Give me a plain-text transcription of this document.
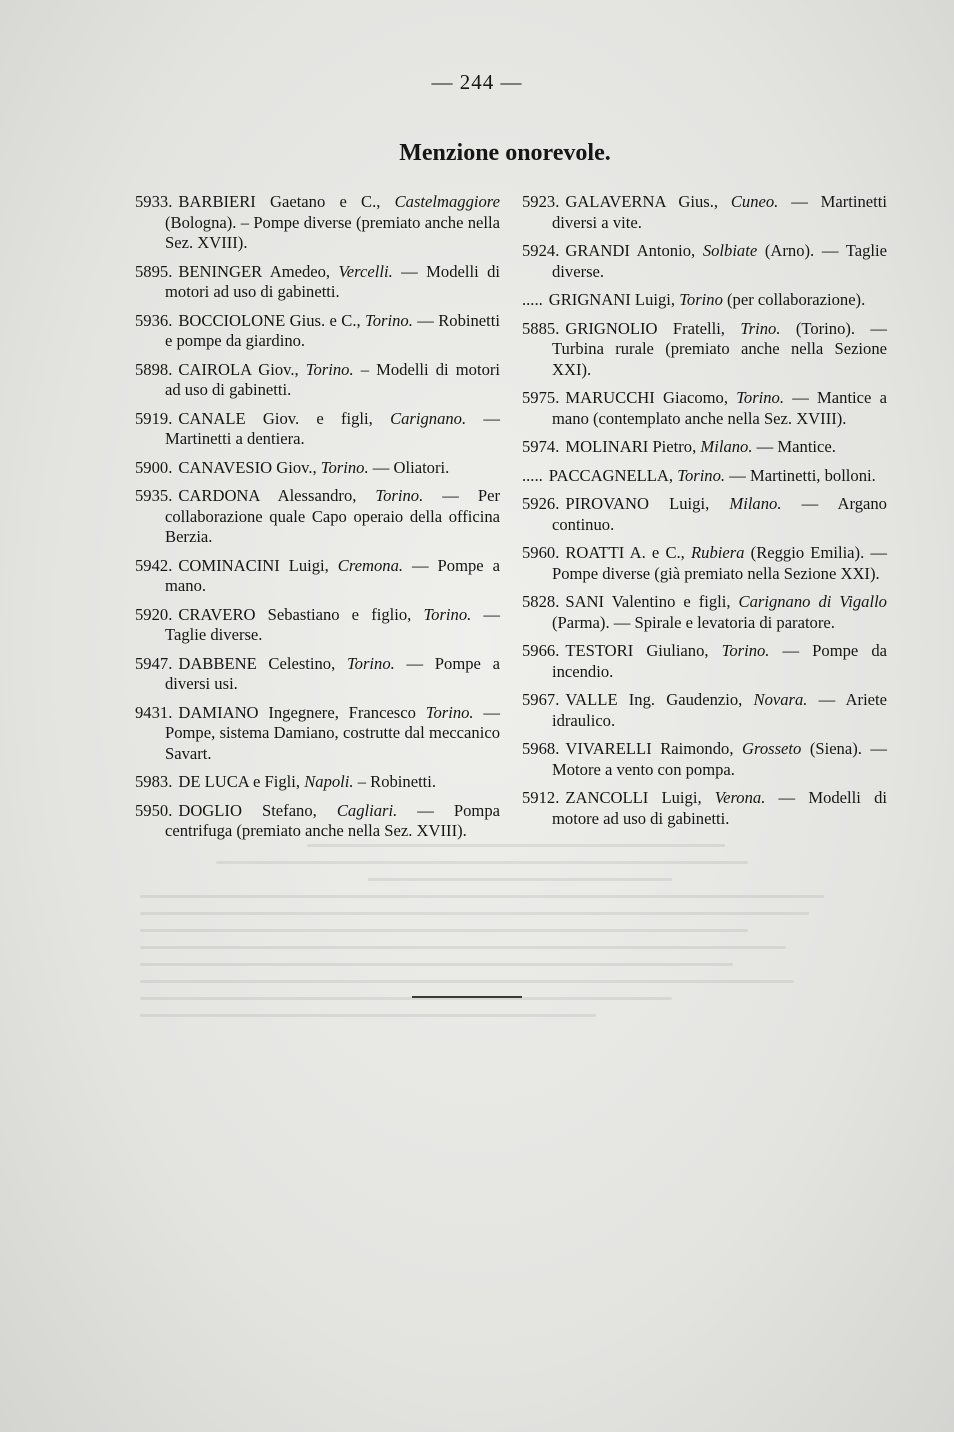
— 244 —
Menzione onorevole.

5933. BARBIERI Gaetano e C., Castelmaggiore (Bologna). – Pompe diverse (premiato anche nella Sez. XVIII).

5895. BENINGER Amedeo, Vercelli. — Modelli di motori ad uso di gabinetti.

5936. BOCCIOLONE Gius. e C., Torino. — Robinetti e pompe da giardino.

5898. CAIROLA Giov., Torino. – Modelli di motori ad uso di gabinetti.

5919. CANALE Giov. e figli, Carignano. — Martinetti a dentiera.

5900. CANAVESIO Giov., Torino. — Oliatori.

5935. CARDONA Alessandro, Torino. — Per collaborazione quale Capo operaio della officina Berzia.

5942. COMINACINI Luigi, Cremona. — Pompe a mano.

5920. CRAVERO Sebastiano e figlio, Torino. — Taglie diverse.

5947. DABBENE Celestino, Torino. — Pompe a diversi usi.

9431. DAMIANO Ingegnere, Francesco Torino. — Pompe, sistema Damiano, costrutte dal meccanico Savart.

5983. DE LUCA e Figli, Napoli. – Robinetti.

5950. DOGLIO Stefano, Cagliari. — Pompa centrifuga (premiato anche nella Sez. XVIII).

5923. GALAVERNA Gius., Cuneo. — Martinetti diversi a vite.

5924. GRANDI Antonio, Solbiate (Arno). — Taglie diverse.

..... GRIGNANI Luigi, Torino (per collaborazione).

5885. GRIGNOLIO Fratelli, Trino. (Torino). — Turbina rurale (premiato anche nella Sezione XXI).

5975. MARUCCHI Giacomo, Torino. — Mantice a mano (contemplato anche nella Sez. XVIII).

5974. MOLINARI Pietro, Milano. — Mantice.

..... PACCAGNELLA, Torino. — Martinetti, bolloni.

5926. PIROVANO Luigi, Milano. — Argano continuo.

5960. ROATTI A. e C., Rubiera (Reggio Emilia). — Pompe diverse (già premiato nella Sezione XXI).

5828. SANI Valentino e figli, Carignano di Vigallo (Parma). — Spirale e levatoria di paratore.

5966. TESTORI Giuliano, Torino. — Pompe da incendio.

5967. VALLE Ing. Gaudenzio, Novara. — Ariete idraulico.

5968. VIVARELLI Raimondo, Grosseto (Siena). — Motore a vento con pompa.

5912. ZANCOLLI Luigi, Verona. — Modelli di motore ad uso di gabinetti.
